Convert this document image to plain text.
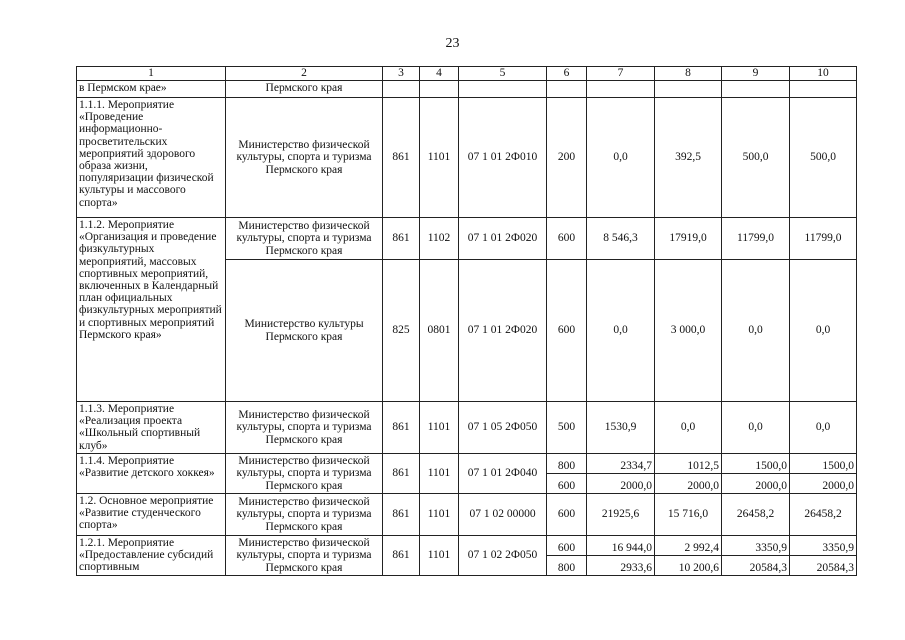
23
1	2	3	4	5	6	7	8	9	10
в Пермском крае»	Пермского края								
1.1.1. Мероприятие «Проведение информационно-просветительских мероприятий здорового образа жизни, популяризации физической культуры и массового спорта»	Министерство физической культуры, спорта и туризма Пермского края	861	1101	07 1 01 2Ф010	200	0,0	392,5	500,0	500,0
1.1.2. Мероприятие «Организация и проведение физкультурных мероприятий, массовых спортивных мероприятий, включенных в Календарный план официальных физкультурных мероприятий и спортивных мероприятий Пермского края»	Министерство физической культуры, спорта и туризма Пермского края	861	1102	07 1 01 2Ф020	600	8 546,3	17919,0	11799,0	11799,0
	Министерство культуры Пермского края	825	0801	07 1 01 2Ф020	600	0,0	3 000,0	0,0	0,0
1.1.3. Мероприятие «Реализация проекта «Школьный спортивный клуб»	Министерство физической культуры, спорта и туризма Пермского края	861	1101	07 1 05 2Ф050	500	1530,9	0,0	0,0	0,0
1.1.4. Мероприятие «Развитие детского хоккея»	Министерство физической культуры, спорта и туризма Пермского края	861	1101	07 1 01 2Ф040	800	2334,7	1012,5	1500,0	1500,0
					600	2000,0	2000,0	2000,0	2000,0
1.2. Основное мероприятие «Развитие студенческого спорта»	Министерство физической культуры, спорта и туризма Пермского края	861	1101	07 1 02 00000	600	21925,6	15 716,0	26458,2	26458,2
1.2.1. Мероприятие «Предоставление субсидий спортивным	Министерство физической культуры, спорта и туризма Пермского края	861	1101	07 1 02 2Ф050	600	16 944,0	2 992,4	3350,9	3350,9
					800	2933,6	10 200,6	20584,3	20584,3
